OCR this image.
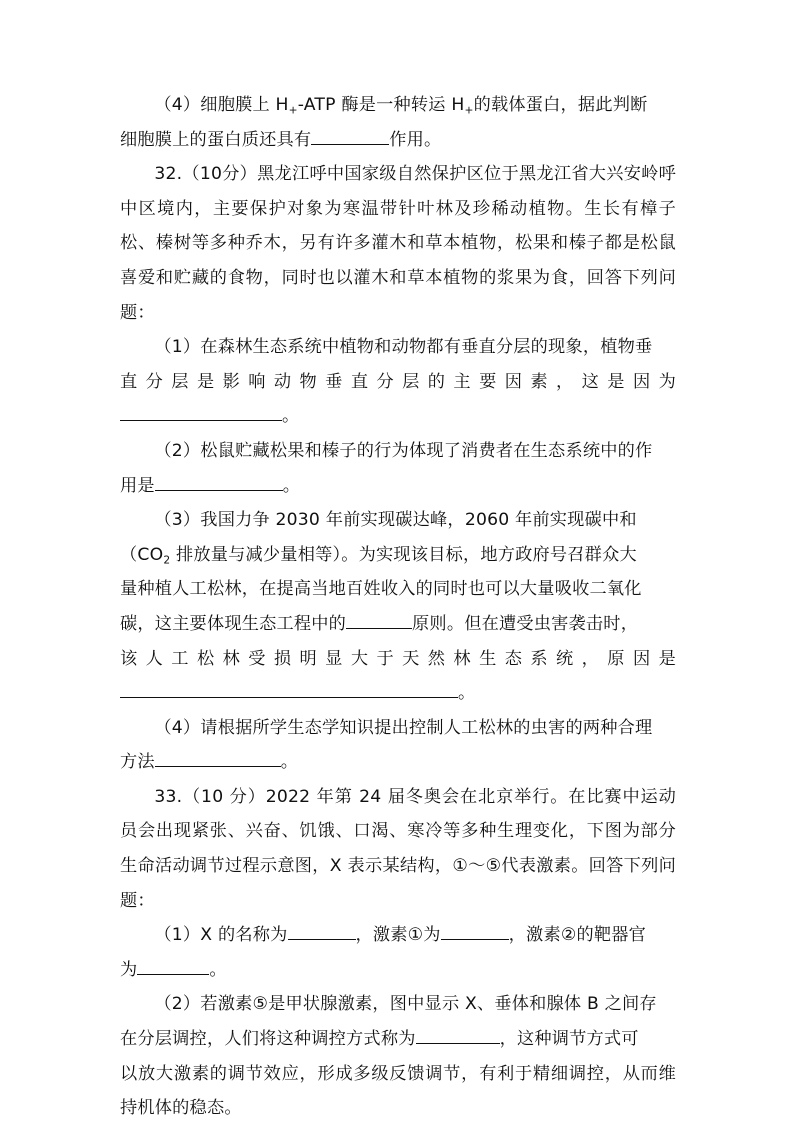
（4）细胞膜上 $H_+$-ATP 酶是一种转运 $H_+$的载体蛋白，据此判断
细胞膜上的蛋白质还具有	作用。

32.（10分）黑龙江呼中国家级自然保护区位于黑龙江省大兴安岭呼中区境内，主要保护对象为寒温带针叶林及珍稀动植物。生长有樟子松、榛树等多种乔木，另有许多灌木和草本植物，松果和榛子都是松鼠喜爱和贮藏的食物，同时也以灌木和草本植物的浆果为食，回答下列问题：

（1）在森林生态系统中植物和动物都有垂直分层的现象，植物垂

直分层是影响动物垂直分层的主要因素，这是因为

。

（2）松鼠贮藏松果和榛子的行为体现了消费者在生态系统中的作
用是	。

（3）我国力争 2030 年前实现碳达峰，2060 年前实现碳中和

（$CO_2$ 排放量与减少量相等）。为实现该目标，地方政府号召群众大

量种植人工松林，在提高当地百姓收入的同时也可以大量吸收二氧化

碳，这主要体现生态工程中的	原则。但在遭受虫害袭击时，

该人工松林受损明显大于天然林生态系统，原因是

。

（4）请根据所学生态学知识提出控制人工松林的虫害的两种合理
方法	。

33.（10 分）2022 年第 24 届冬奥会在北京举行。在比赛中运动员会出现紧张、兴奋、饥饿、口渴、寒冷等多种生理变化，下图为部分生命活动调节过程示意图，X 表示某结构，①～⑤代表激素。回答下列问题：

（1）X 的名称为	，激素①为	，激素②的靶器官
为	。

（2）若激素⑤是甲状腺激素，图中显示 X、垂体和腺体 B 之间存

在分层调控，人们将这种调控方式称为	，这种调节方式可

以放大激素的调节效应，形成多级反馈调节，有利于精细调控，从而维持机体的稳态。
